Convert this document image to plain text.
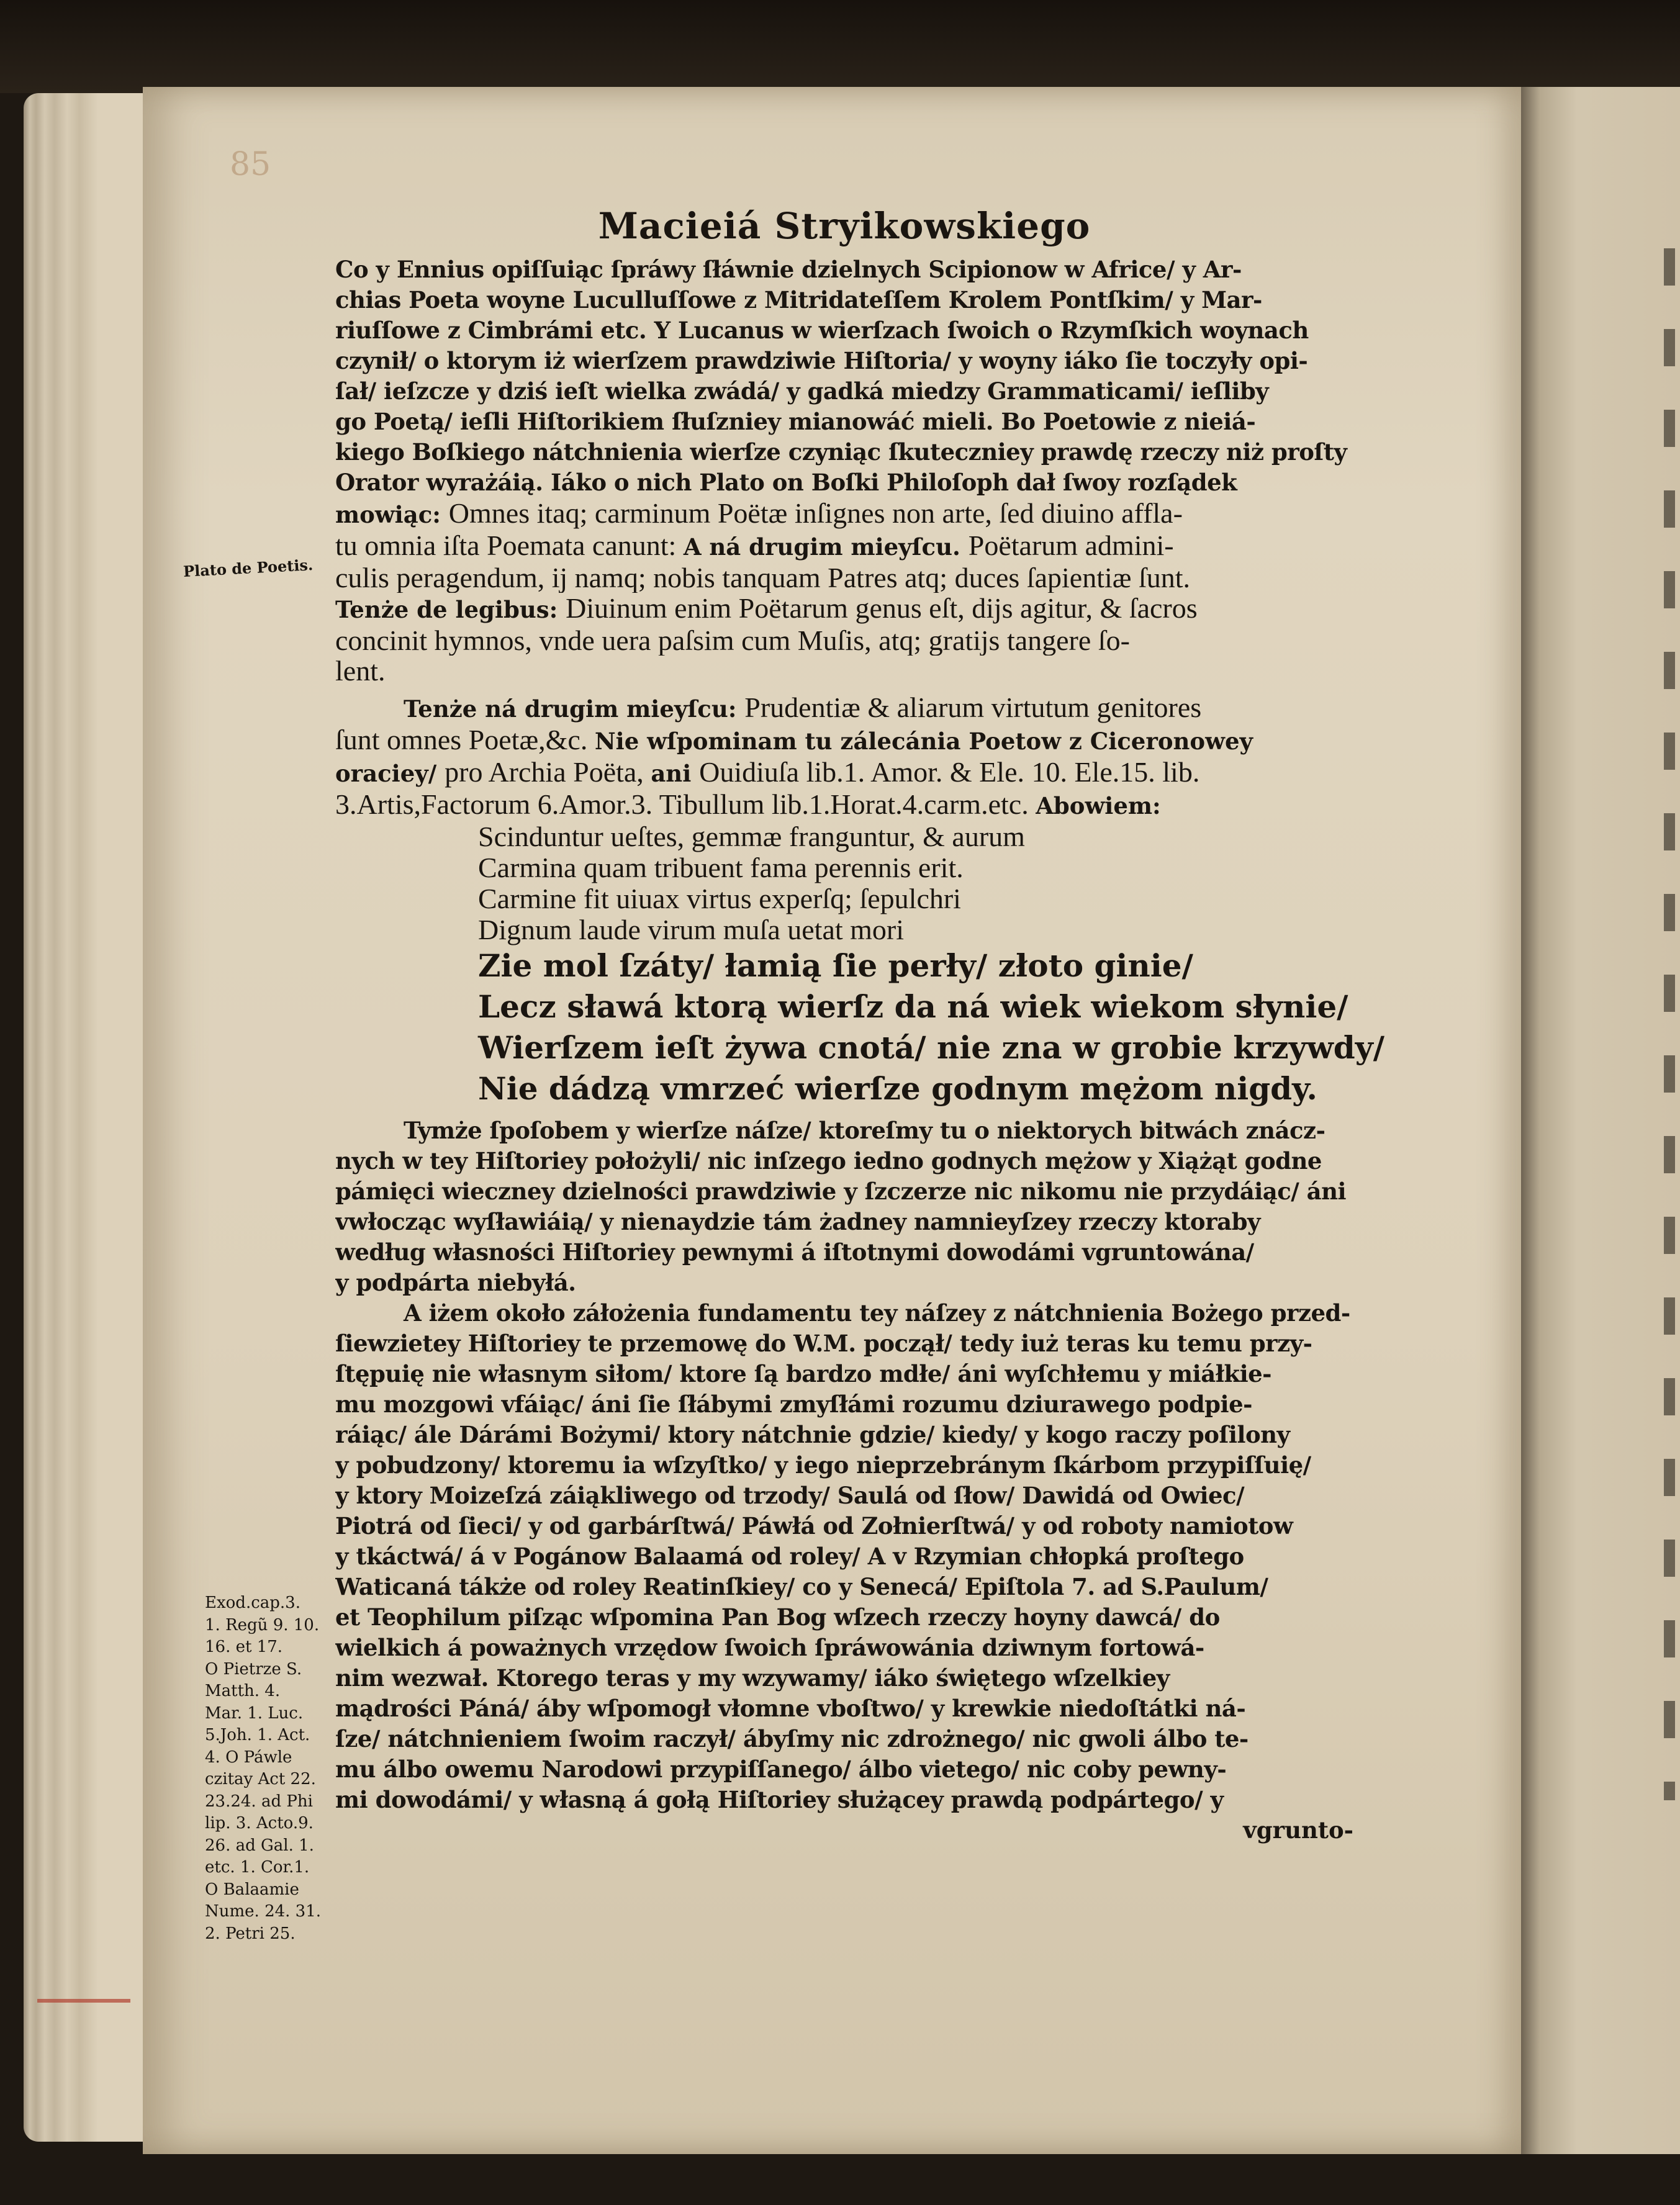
85
Plato de Poetis.
Macieiá Stryikowskiego
Co y Ennius opiſſuiąc ſpráwy ſłáwnie dzielnych Scipionow w Africe/ y Ar-
chias Poeta woyne Luculluſſowe z Mitridateſſem Krolem Pontſkim/ y Mar-
riuſſowe z Cimbrámi etc. Y Lucanus w wierſzach ſwoich o Rzymſkich woynach
czynił/ o ktorym iż wierſzem prawdziwie Hiſtoria/ y woyny iáko ſie toczyły opi-
ſał/ ieſzcze y dziś ieſt wielka zwádá/ y gadká miedzy Grammaticami/ ieſliby
go Poetą/ ieſli Hiſtorikiem ſłuſzniey mianowáć mieli. Bo Poetowie z nieiá-
kiego Boſkiego nátchnienia wierſze czyniąc ſkuteczniey prawdę rzeczy niż proſty
Orator wyrażáią. Iáko o nich Plato on Boſki Philoſoph dał ſwoy rozſądek
mowiąc: Omnes itaq; carminum Poëtæ inſignes non arte, ſed diuino affla-
tu omnia iſta Poemata canunt: A ná drugim mieyſcu. Poëtarum admini-
culis peragendum, ĳ namq; nobis tanquam Patres atq; duces ſapientiæ ſunt.
Tenże de legibus: Diuinum enim Poëtarum genus eſt, dĳs agitur, & ſacros
concinit hymnos, vnde uera paſsim cum Muſis, atq; gratĳs tangere ſo-
lent.
Tenże ná drugim mieyſcu: Prudentiæ & aliarum virtutum genitores
ſunt omnes Poetæ,&c. Nie wſpominam tu zálecánia Poetow z Ciceronowey
oraciey/ pro Archia Poëta, ani Ouidiuſa lib.1. Amor. & Ele. 10. Ele.15. lib.
3.Artis,Factorum 6.Amor.3. Tibullum lib.1.Horat.4.carm.etc. Abowiem:
Scinduntur ueſtes, gemmæ franguntur, & aurum
Carmina quam tribuent fama perennis erit.
Carmine fit uiuax virtus experſq; ſepulchri
Dignum laude virum muſa uetat mori
Zie mol ſzáty/ łamią ſie perły/ złoto ginie/
Lecz sławá ktorą wierſz da ná wiek wiekom słynie/
Wierſzem ieſt żywa cnotá/ nie zna w grobie krzywdy/
Nie dádzą vmrzeć wierſze godnym mężom nigdy.
Tymże ſpoſobem y wierſze náſze/ ktoreſmy tu o niektorych bitwách znácz-
nych w tey Hiſtoriey położyli/ nic inſzego iedno godnych mężow y Xiążąt godne
pámięci wieczney dzielności prawdziwie y ſzczerze nic nikomu nie przydáiąc/ áni
vwłocząc wyſławiáią/ y nienaydzie tám żadney namnieyſzey rzeczy ktoraby
według własności Hiſtoriey pewnymi á iſtotnymi dowodámi vgruntowána/
y podpárta niebyłá.
A iżem około záłożenia fundamentu tey náſzey z nátchnienia Bożego przed-
ſiewzietey Hiſtoriey te przemowę do W.M. począł/ tedy iuż teras ku temu przy-
ſtępuię nie własnym siłom/ ktore ſą bardzo mdłe/ áni wyſchłemu y miáłkie-
mu mozgowi vfáiąc/ áni ſie ſłábymi zmyſłámi rozumu dziurawego podpie-
ráiąc/ ále Dárámi Bożymi/ ktory nátchnie gdzie/ kiedy/ y kogo raczy poſilony
y pobudzony/ ktoremu ia wſzyſtko/ y iego nieprzebránym ſkárbom przypiſſuię/
y ktory Moizeſzá záiąkliwego od trzody/ Saulá od ſłow/ Dawidá od Owiec/
Piotrá od ſieci/ y od garbárſtwá/ Páwłá od Zołnierſtwá/ y od roboty namiotow
y tkáctwá/ á v Pogánow Balaamá od roley/ A v Rzymian chłopká proſtego
Waticaná tákże od roley Reatinſkiey/ co y Senecá/ Epiſtola 7. ad S.Paulum/
et Teophilum piſząc wſpomina Pan Bog wſzech rzeczy hoyny dawcá/ do
wielkich á poważnych vrzędow ſwoich ſpráwowánia dziwnym fortowá-
nim wezwał. Ktorego teras y my wzywamy/ iáko świętego wſzelkiey
mądrości Páná/ áby wſpomogł vłomne vboſtwo/ y krewkie niedoſtátki ná-
ſze/ nátchnieniem ſwoim raczył/ ábyſmy nic zdrożnego/ nic gwoli álbo te-
mu álbo owemu Narodowi przypiſſanego/ álbo vietego/ nic coby pewny-
mi dowodámi/ y własną á gołą Hiſtoriey służącey prawdą podpártego/ y
vgrunto-
Exod.cap.3.
1. Regũ 9. 10.
16. et 17.
O Pietrze S.
Matth. 4.
Mar. 1. Luc.
5.Joh. 1. Act.
4. O Páwle
czitay Act 22.
23.24. ad Phi
lip. 3. Acto.9.
26. ad Gal. 1.
etc. 1. Cor.1.
O Balaamie
Nume. 24. 31.
2. Petri 25.
